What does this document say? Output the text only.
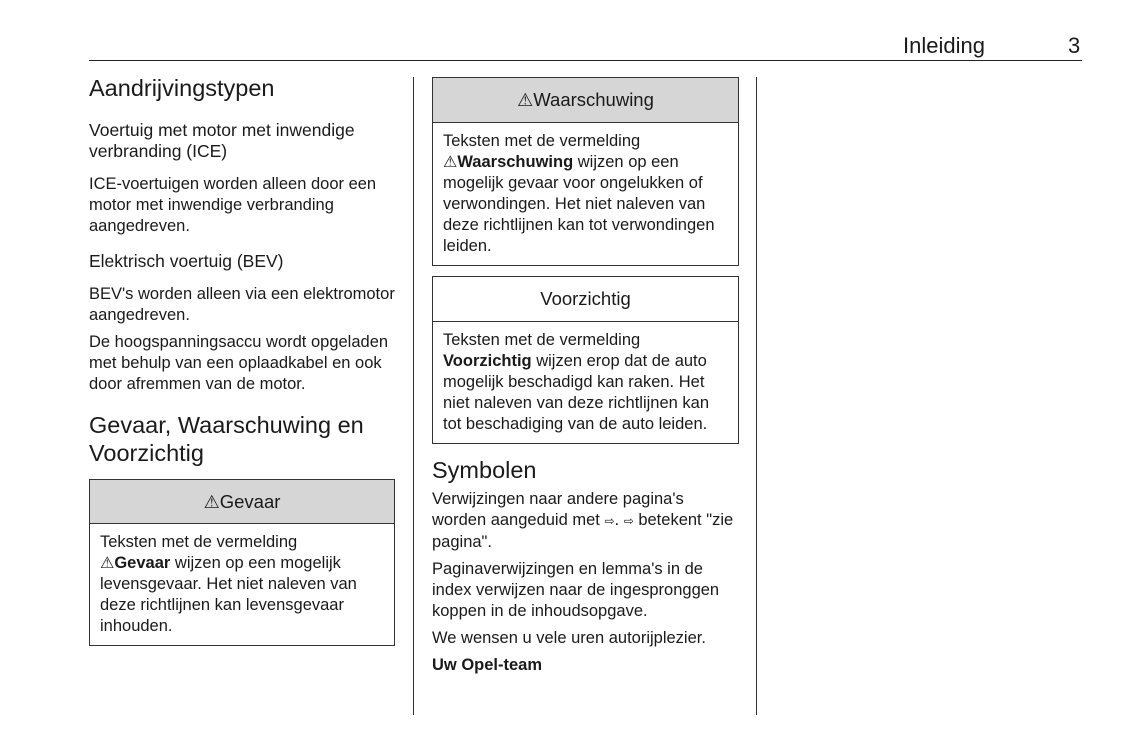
Inleiding	3
Aandrijvingstypen
Voertuig met motor met inwendige verbranding (ICE)

ICE-voertuigen worden alleen door een motor met inwendige verbranding aangedreven.

Elektrisch voertuig (BEV)

BEV's worden alleen via een elektromotor aangedreven.

De hoogspanningsaccu wordt opgeladen met behulp van een oplaadkabel en ook door afremmen van de motor.

Gevaar, Waarschuwing en Voorzichtig
⚠Gevaar

Teksten met de vermelding
⚠Gevaar wijzen op een mogelijk levensgevaar. Het niet naleven van deze richtlijnen kan levensgevaar inhouden.

⚠Waarschuwing

Teksten met de vermelding
⚠Waarschuwing wijzen op een mogelijk gevaar voor ongelukken of verwondingen. Het niet naleven van deze richtlijnen kan tot verwondingen leiden.

Voorzichtig

Teksten met de vermelding
Voorzichtig wijzen erop dat de auto mogelijk beschadigd kan raken. Het niet naleven van deze richtlijnen kan tot beschadiging van de auto leiden.

Symbolen

Verwijzingen naar andere pagina's worden aangeduid met ⇨. ⇨ betekent "zie pagina".

Paginaverwijzingen en lemma's in de index verwijzen naar de ingespronggen koppen in de inhoudsopgave.

We wensen u vele uren autorijplezier.

Uw Opel-team
